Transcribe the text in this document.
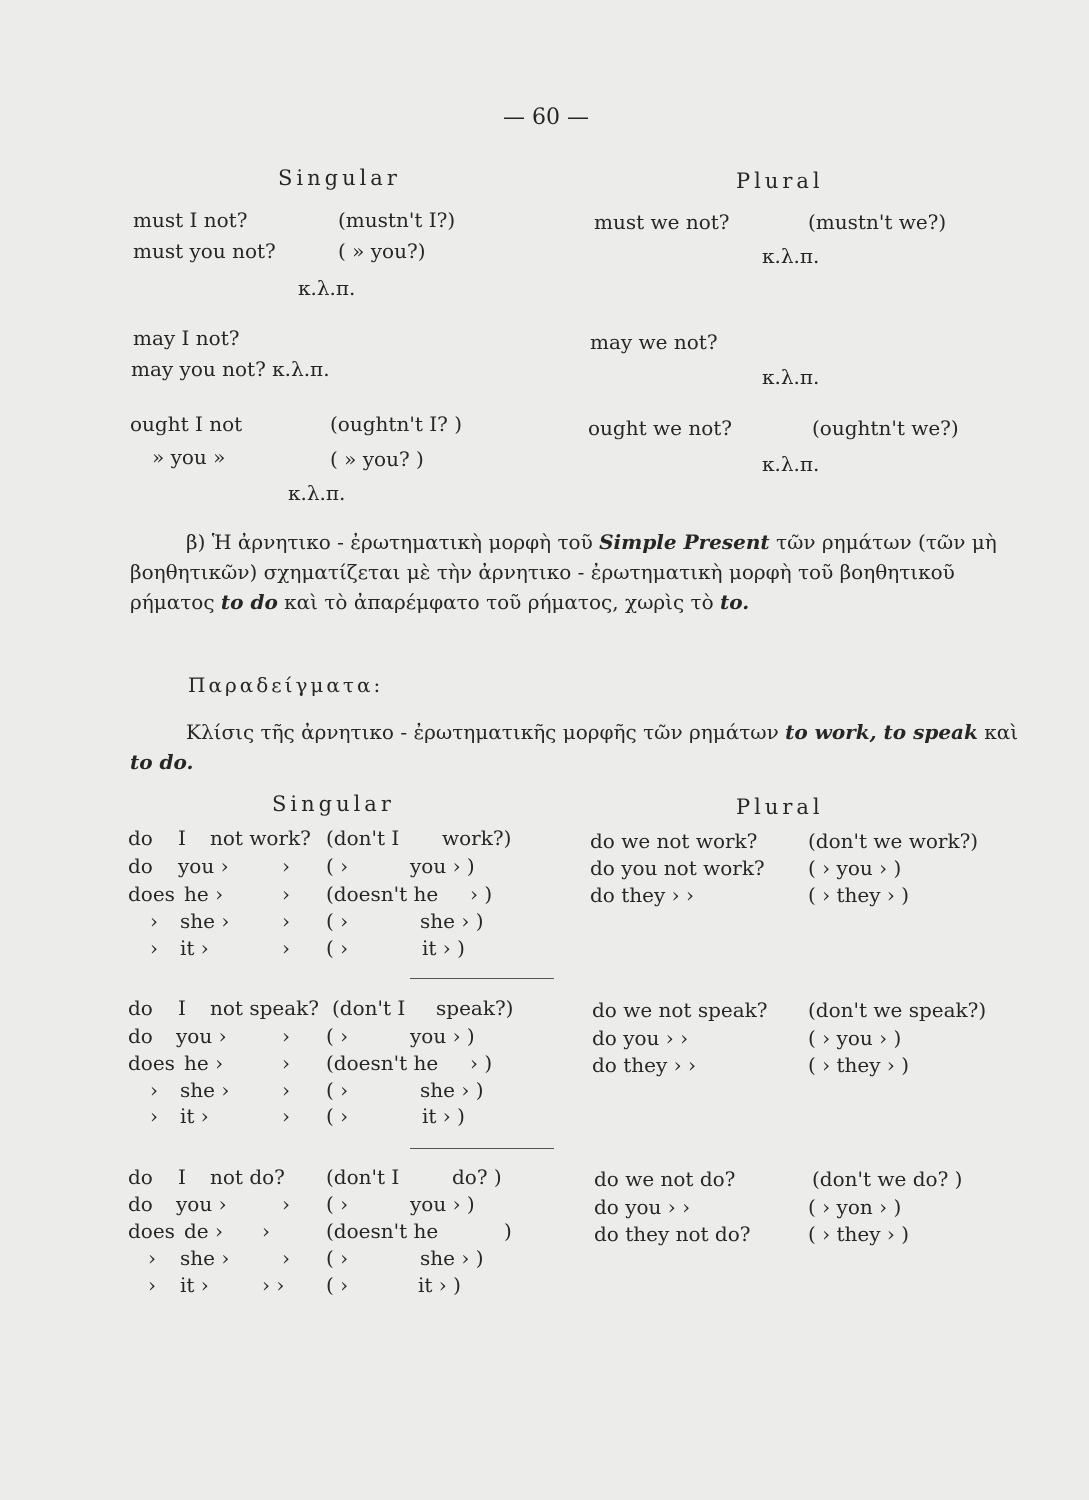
— 60 —
Singular	Plural
must I not?	(mustn't I?)	must we not?	(mustn't we?)
must you not?	( » you?)	κ.λ.π.
κ.λ.π.
may I not?	may we not?
may you not? κ.λ.π.	κ.λ.π.
ought I not	(oughtn't I? )	ought we not?	(oughtn't we?)
» you »	( » you? )	κ.λ.π.
κ.λ.π.
β) Ἡ ἀρνητικο - ἐρωτηματικὴ μορφὴ τοῦ Simple Present τῶν ρημάτων (τῶν μὴ βοηθητικῶν) σχηματίζεται μὲ τὴν ἀρνητικο - ἐρωτηματικὴ μορφὴ τοῦ βοηθητικοῦ ρήματος to do καὶ τὸ ἀπαρέμφατο τοῦ ρήματος, χωρὶς τὸ to.
Παραδείγματα:
Κλίσις τῆς ἀρνητικο - ἐρωτηματικῆς μορφῆς τῶν ρημάτων to work, to speak καὶ to do.
Singular	Plural
do I not work? (don't I work?)
do you ›	› ( ›	you › )
does he ›	› (doesn't he › )
› she ›	› ( ›	she › )
› it ›	› ( ›	it › )
do we not work?	(don't we work?)
do you not work? ( › you › )
do they › ›	( › they › )
do I not speak? (don't I speak?)
do you ›	› ( ›	you › )
does he ›	› (doesn't he › )
› she ›	› ( ›	she › )
› it ›	› ( ›	it › )
do we not speak? (don't we speak?)
do you › ›	( › you › )
do they › ›	( › they › )
do I not do? (don't I	do? )
do you ›	› ( ›	you › )
does de › ›	(doesn't he	)
› she ›	› ( ›	she › )
› it ›	› › ( ›	it › )
do we not do?	(don't we do? )
do you › ›	( › yon › )
do they not do?	( › they › )
